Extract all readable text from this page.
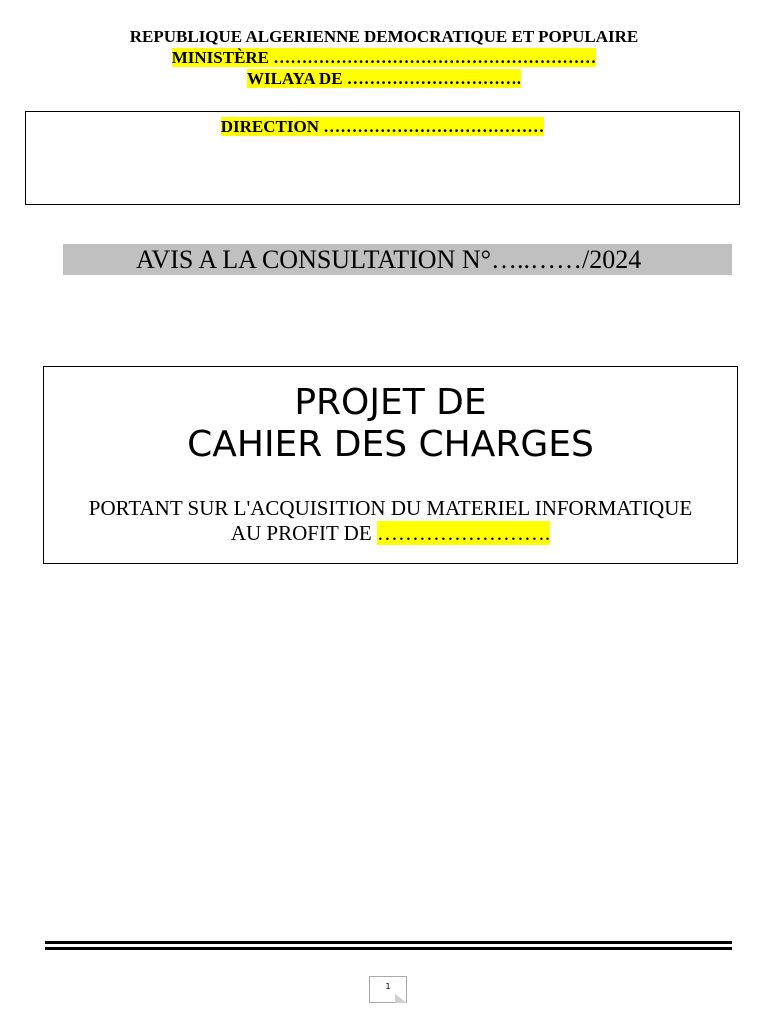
REPUBLIQUE ALGERIENNE DEMOCRATIQUE ET POPULAIRE
MINISTÈRE …………………………………………………
WILAYA DE ………………………….
DIRECTION …………………………………
AVIS A LA CONSULTATION N°…..……/2024
PROJET DE
CAHIER DES CHARGES
PORTANT SUR L'ACQUISITION DU MATERIEL INFORMATIQUE
AU PROFIT DE …………………….
1
